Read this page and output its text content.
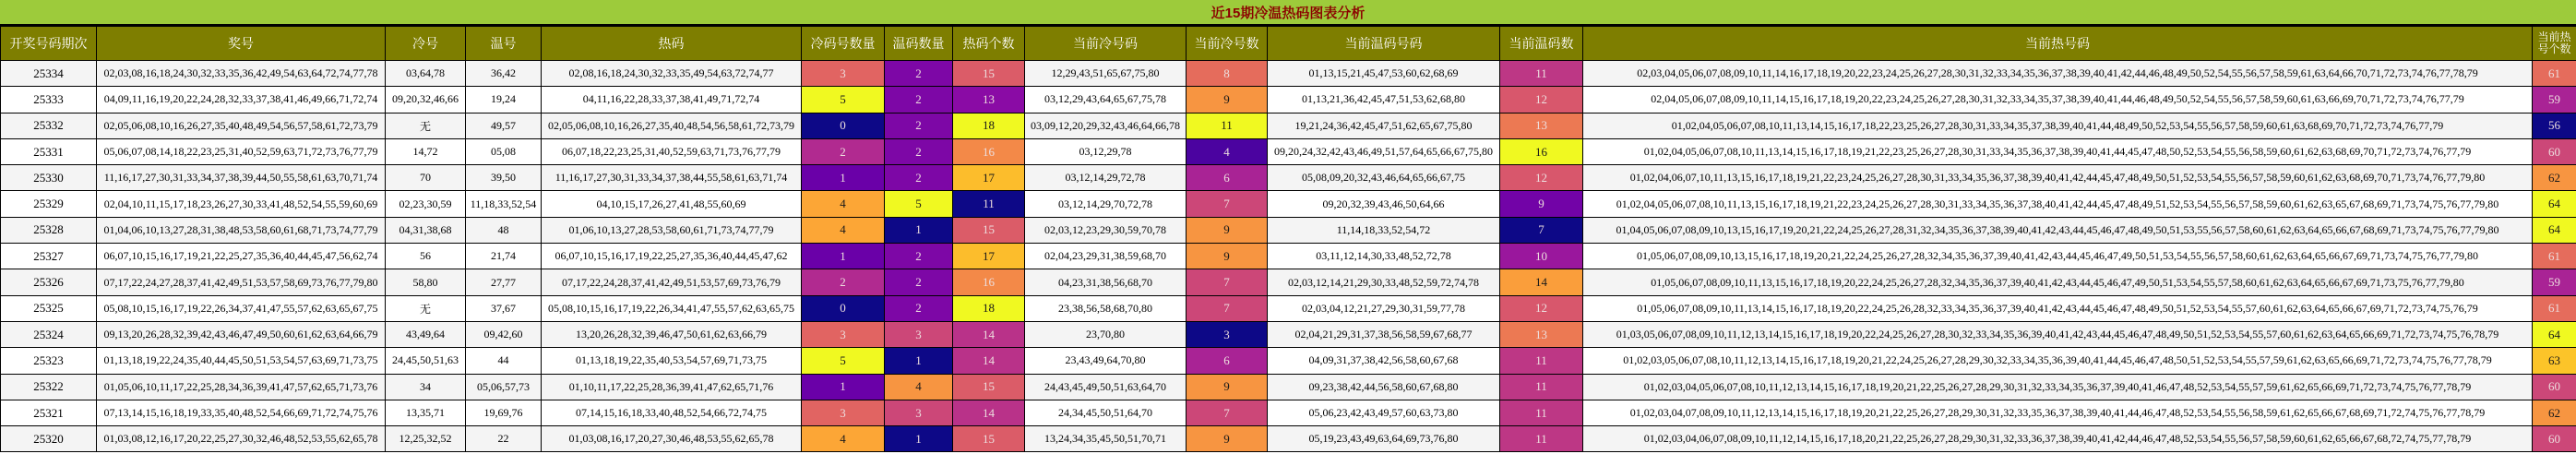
近15期冷温热码图表分析
开奖号码期次	奖号	冷号	温号	热码	冷码号数量	温码数量	热码个数	当前冷号码	当前冷号数	当前温码号码	当前温码数	当前热号码	当前热号个数
25334	02,03,08,16,18,24,30,32,33,35,36,42,49,54,63,64,72,74,77,78	03,64,78	36,42	02,08,16,18,24,30,32,33,35,49,54,63,72,74,77	3	2	15	12,29,43,51,65,67,75,80	8	01,13,15,21,45,47,53,60,62,68,69	11	02,03,04,05,06,07,08,09,10,11,14,16,17,18,19,20,22,23,24,25,26,27,28,30,31,32,33,34,35,36,37,38,39,40,41,42,44,46,48,49,50,52,54,55,56,57,58,59,61,63,64,66,70,71,72,73,74,76,77,78,79	61
25333	04,09,11,16,19,20,22,24,28,32,33,37,38,41,46,49,66,71,72,74	09,20,32,46,66	19,24	04,11,16,22,28,33,37,38,41,49,71,72,74	5	2	13	03,12,29,43,64,65,67,75,78	9	01,13,21,36,42,45,47,51,53,62,68,80	12	02,04,05,06,07,08,09,10,11,14,15,16,17,18,19,20,22,23,24,25,26,27,28,30,31,32,33,34,35,37,38,39,40,41,44,46,48,49,50,52,54,55,56,57,58,59,60,61,63,66,69,70,71,72,73,74,76,77,79	59
25332	02,05,06,08,10,16,26,27,35,40,48,49,54,56,57,58,61,72,73,79	无	49,57	02,05,06,08,10,16,26,27,35,40,48,54,56,58,61,72,73,79	0	2	18	03,09,12,20,29,32,43,46,64,66,78	11	19,21,24,36,42,45,47,51,62,65,67,75,80	13	01,02,04,05,06,07,08,10,11,13,14,15,16,17,18,22,23,25,26,27,28,30,31,33,34,35,37,38,39,40,41,44,48,49,50,52,53,54,55,56,57,58,59,60,61,63,68,69,70,71,72,73,74,76,77,79	56
25331	05,06,07,08,14,18,22,23,25,31,40,52,59,63,71,72,73,76,77,79	14,72	05,08	06,07,18,22,23,25,31,40,52,59,63,71,73,76,77,79	2	2	16	03,12,29,78	4	09,20,24,32,42,43,46,49,51,57,64,65,66,67,75,80	16	01,02,04,05,06,07,08,10,11,13,14,15,16,17,18,19,21,22,23,25,26,27,28,30,31,33,34,35,36,37,38,39,40,41,44,45,47,48,50,52,53,54,55,56,58,59,60,61,62,63,68,69,70,71,72,73,74,76,77,79	60
25330	11,16,17,27,30,31,33,34,37,38,39,44,50,55,58,61,63,70,71,74	70	39,50	11,16,17,27,30,31,33,34,37,38,44,55,58,61,63,71,74	1	2	17	03,12,14,29,72,78	6	05,08,09,20,32,43,46,64,65,66,67,75	12	01,02,04,06,07,10,11,13,15,16,17,18,19,21,22,23,24,25,26,27,28,30,31,33,34,35,36,37,38,39,40,41,42,44,45,47,48,49,50,51,52,53,54,55,56,57,58,59,60,61,62,63,68,69,70,71,73,74,76,77,79,80	62
25329	02,04,10,11,15,17,18,23,26,27,30,33,41,48,52,54,55,59,60,69	02,23,30,59	11,18,33,52,54	04,10,15,17,26,27,41,48,55,60,69	4	5	11	03,12,14,29,70,72,78	7	09,20,32,39,43,46,50,64,66	9	01,02,04,05,06,07,08,10,11,13,15,16,17,18,19,21,22,23,24,25,26,27,28,30,31,33,34,35,36,37,38,40,41,42,44,45,47,48,49,51,52,53,54,55,56,57,58,59,60,61,62,63,65,67,68,69,71,73,74,75,76,77,79,80	64
25328	01,04,06,10,13,27,28,31,38,48,53,58,60,61,68,71,73,74,77,79	04,31,38,68	48	01,06,10,13,27,28,53,58,60,61,71,73,74,77,79	4	1	15	02,03,12,23,29,30,59,70,78	9	11,14,18,33,52,54,72	7	01,04,05,06,07,08,09,10,13,15,16,17,19,20,21,22,24,25,26,27,28,31,32,34,35,36,37,38,39,40,41,42,43,44,45,46,47,48,49,50,51,53,55,56,57,58,60,61,62,63,64,65,66,67,68,69,71,73,74,75,76,77,79,80	64
25327	06,07,10,15,16,17,19,21,22,25,27,35,36,40,44,45,47,56,62,74	56	21,74	06,07,10,15,16,17,19,22,25,27,35,36,40,44,45,47,62	1	2	17	02,04,23,29,31,38,59,68,70	9	03,11,12,14,30,33,48,52,72,78	10	01,05,06,07,08,09,10,13,15,16,17,18,19,20,21,22,24,25,26,27,28,32,34,35,36,37,39,40,41,42,43,44,45,46,47,49,50,51,53,54,55,56,57,58,60,61,62,63,64,65,66,67,69,71,73,74,75,76,77,79,80	61
25326	07,17,22,24,27,28,37,41,42,49,51,53,57,58,69,73,76,77,79,80	58,80	27,77	07,17,22,24,28,37,41,42,49,51,53,57,69,73,76,79	2	2	16	04,23,31,38,56,68,70	7	02,03,12,14,21,29,30,33,48,52,59,72,74,78	14	01,05,06,07,08,09,10,11,13,15,16,17,18,19,20,22,24,25,26,27,28,32,34,35,36,37,39,40,41,42,43,44,45,46,47,49,50,51,53,54,55,57,58,60,61,62,63,64,65,66,67,69,71,73,75,76,77,79,80	59
25325	05,08,10,15,16,17,19,22,26,34,37,41,47,55,57,62,63,65,67,75	无	37,67	05,08,10,15,16,17,19,22,26,34,41,47,55,57,62,63,65,75	0	2	18	23,38,56,58,68,70,80	7	02,03,04,12,21,27,29,30,31,59,77,78	12	01,05,06,07,08,09,10,11,13,14,15,16,17,18,19,20,22,24,25,26,28,32,33,34,35,36,37,39,40,41,42,43,44,45,46,47,48,49,50,51,52,53,54,55,57,60,61,62,63,64,65,66,67,69,71,72,73,74,75,76,79	61
25324	09,13,20,26,28,32,39,42,43,46,47,49,50,60,61,62,63,64,66,79	43,49,64	09,42,60	13,20,26,28,32,39,46,47,50,61,62,63,66,79	3	3	14	23,70,80	3	02,04,21,29,31,37,38,56,58,59,67,68,77	13	01,03,05,06,07,08,09,10,11,12,13,14,15,16,17,18,19,20,22,24,25,26,27,28,30,32,33,34,35,36,39,40,41,42,43,44,45,46,47,48,49,50,51,52,53,54,55,57,60,61,62,63,64,65,66,69,71,72,73,74,75,76,78,79	64
25323	01,13,18,19,22,24,35,40,44,45,50,51,53,54,57,63,69,71,73,75	24,45,50,51,63	44	01,13,18,19,22,35,40,53,54,57,69,71,73,75	5	1	14	23,43,49,64,70,80	6	04,09,31,37,38,42,56,58,60,67,68	11	01,02,03,05,06,07,08,10,11,12,13,14,15,16,17,18,19,20,21,22,24,25,26,27,28,29,30,32,33,34,35,36,39,40,41,44,45,46,47,48,50,51,52,53,54,55,57,59,61,62,63,65,66,69,71,72,73,74,75,76,77,78,79	63
25322	01,05,06,10,11,17,22,25,28,34,36,39,41,47,57,62,65,71,73,76	34	05,06,57,73	01,10,11,17,22,25,28,36,39,41,47,62,65,71,76	1	4	15	24,43,45,49,50,51,63,64,70	9	09,23,38,42,44,56,58,60,67,68,80	11	01,02,03,04,05,06,07,08,10,11,12,13,14,15,16,17,18,19,20,21,22,25,26,27,28,29,30,31,32,33,34,35,36,37,39,40,41,46,47,48,52,53,54,55,57,59,61,62,65,66,69,71,72,73,74,75,76,77,78,79	60
25321	07,13,14,15,16,18,19,33,35,40,48,52,54,66,69,71,72,74,75,76	13,35,71	19,69,76	07,14,15,16,18,33,40,48,52,54,66,72,74,75	3	3	14	24,34,45,50,51,64,70	7	05,06,23,42,43,49,57,60,63,73,80	11	01,02,03,04,07,08,09,10,11,12,13,14,15,16,17,18,19,20,21,22,25,26,27,28,29,30,31,32,33,35,36,37,38,39,40,41,44,46,47,48,52,53,54,55,56,58,59,61,62,65,66,67,68,69,71,72,74,75,76,77,78,79	62
25320	01,03,08,12,16,17,20,22,25,27,30,32,46,48,52,53,55,62,65,78	12,25,32,52	22	01,03,08,16,17,20,27,30,46,48,53,55,62,65,78	4	1	15	13,24,34,35,45,50,51,70,71	9	05,19,23,43,49,63,64,69,73,76,80	11	01,02,03,04,06,07,08,09,10,11,12,14,15,16,17,18,20,21,22,25,26,27,28,29,30,31,32,33,36,37,38,39,40,41,42,44,46,47,48,52,53,54,55,56,57,58,59,60,61,62,65,66,67,68,72,74,75,77,78,79	60
